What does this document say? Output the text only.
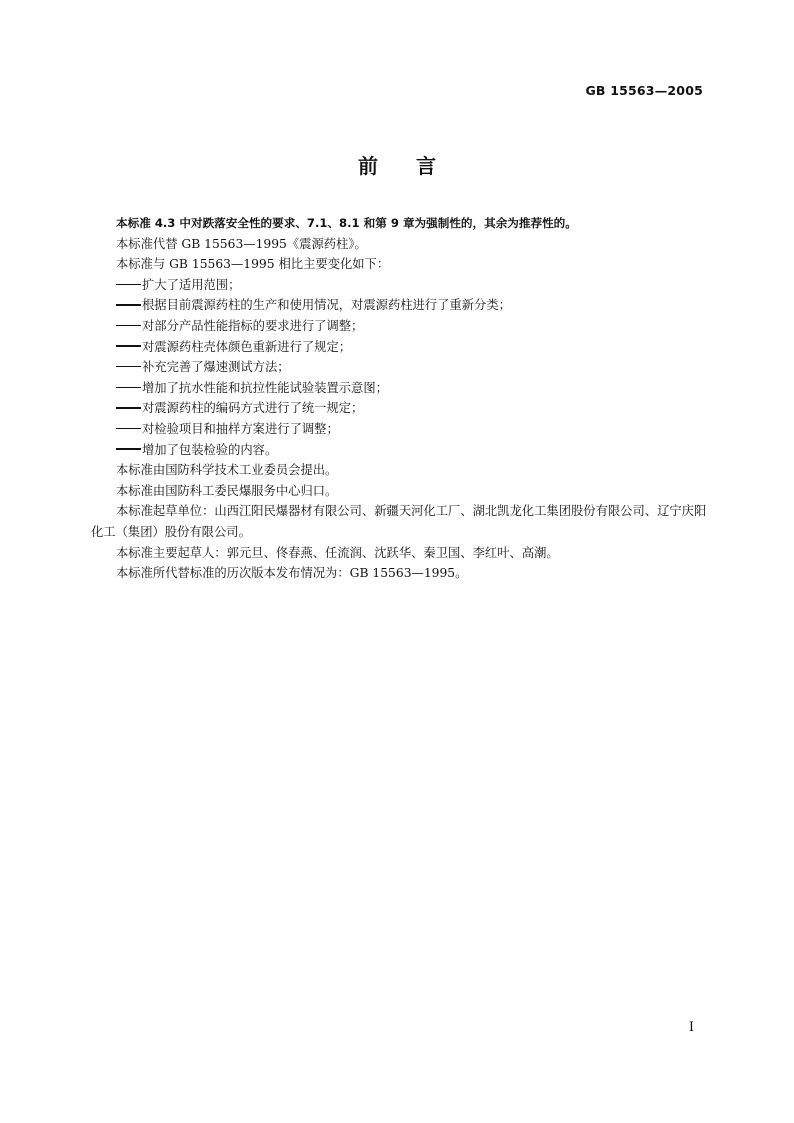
GB 15563—2005
前言

本标准 4.3 中对跌落安全性的要求、7.1、8.1 和第 9 章为强制性的，其余为推荐性的。

本标准代替 GB 15563—1995《震源药柱》。

本标准与 GB 15563—1995 相比主要变化如下：

扩大了适用范围；

根据目前震源药柱的生产和使用情况，对震源药柱进行了重新分类；

对部分产品性能指标的要求进行了调整；

对震源药柱壳体颜色重新进行了规定；

补充完善了爆速测试方法；

增加了抗水性能和抗拉性能试验装置示意图；

对震源药柱的编码方式进行了统一规定；

对检验项目和抽样方案进行了调整；

增加了包装检验的内容。

本标准由国防科学技术工业委员会提出。

本标准由国防科工委民爆服务中心归口。

本标准起草单位：山西江阳民爆器材有限公司、新疆天河化工厂、湖北凯龙化工集团股份有限公司、辽宁庆阳化工（集团）股份有限公司。

本标准主要起草人：郭元旦、佟春燕、任流润、沈跃华、秦卫国、李红叶、高潮。

本标准所代替标准的历次版本发布情况为：GB 15563—1995。

I
